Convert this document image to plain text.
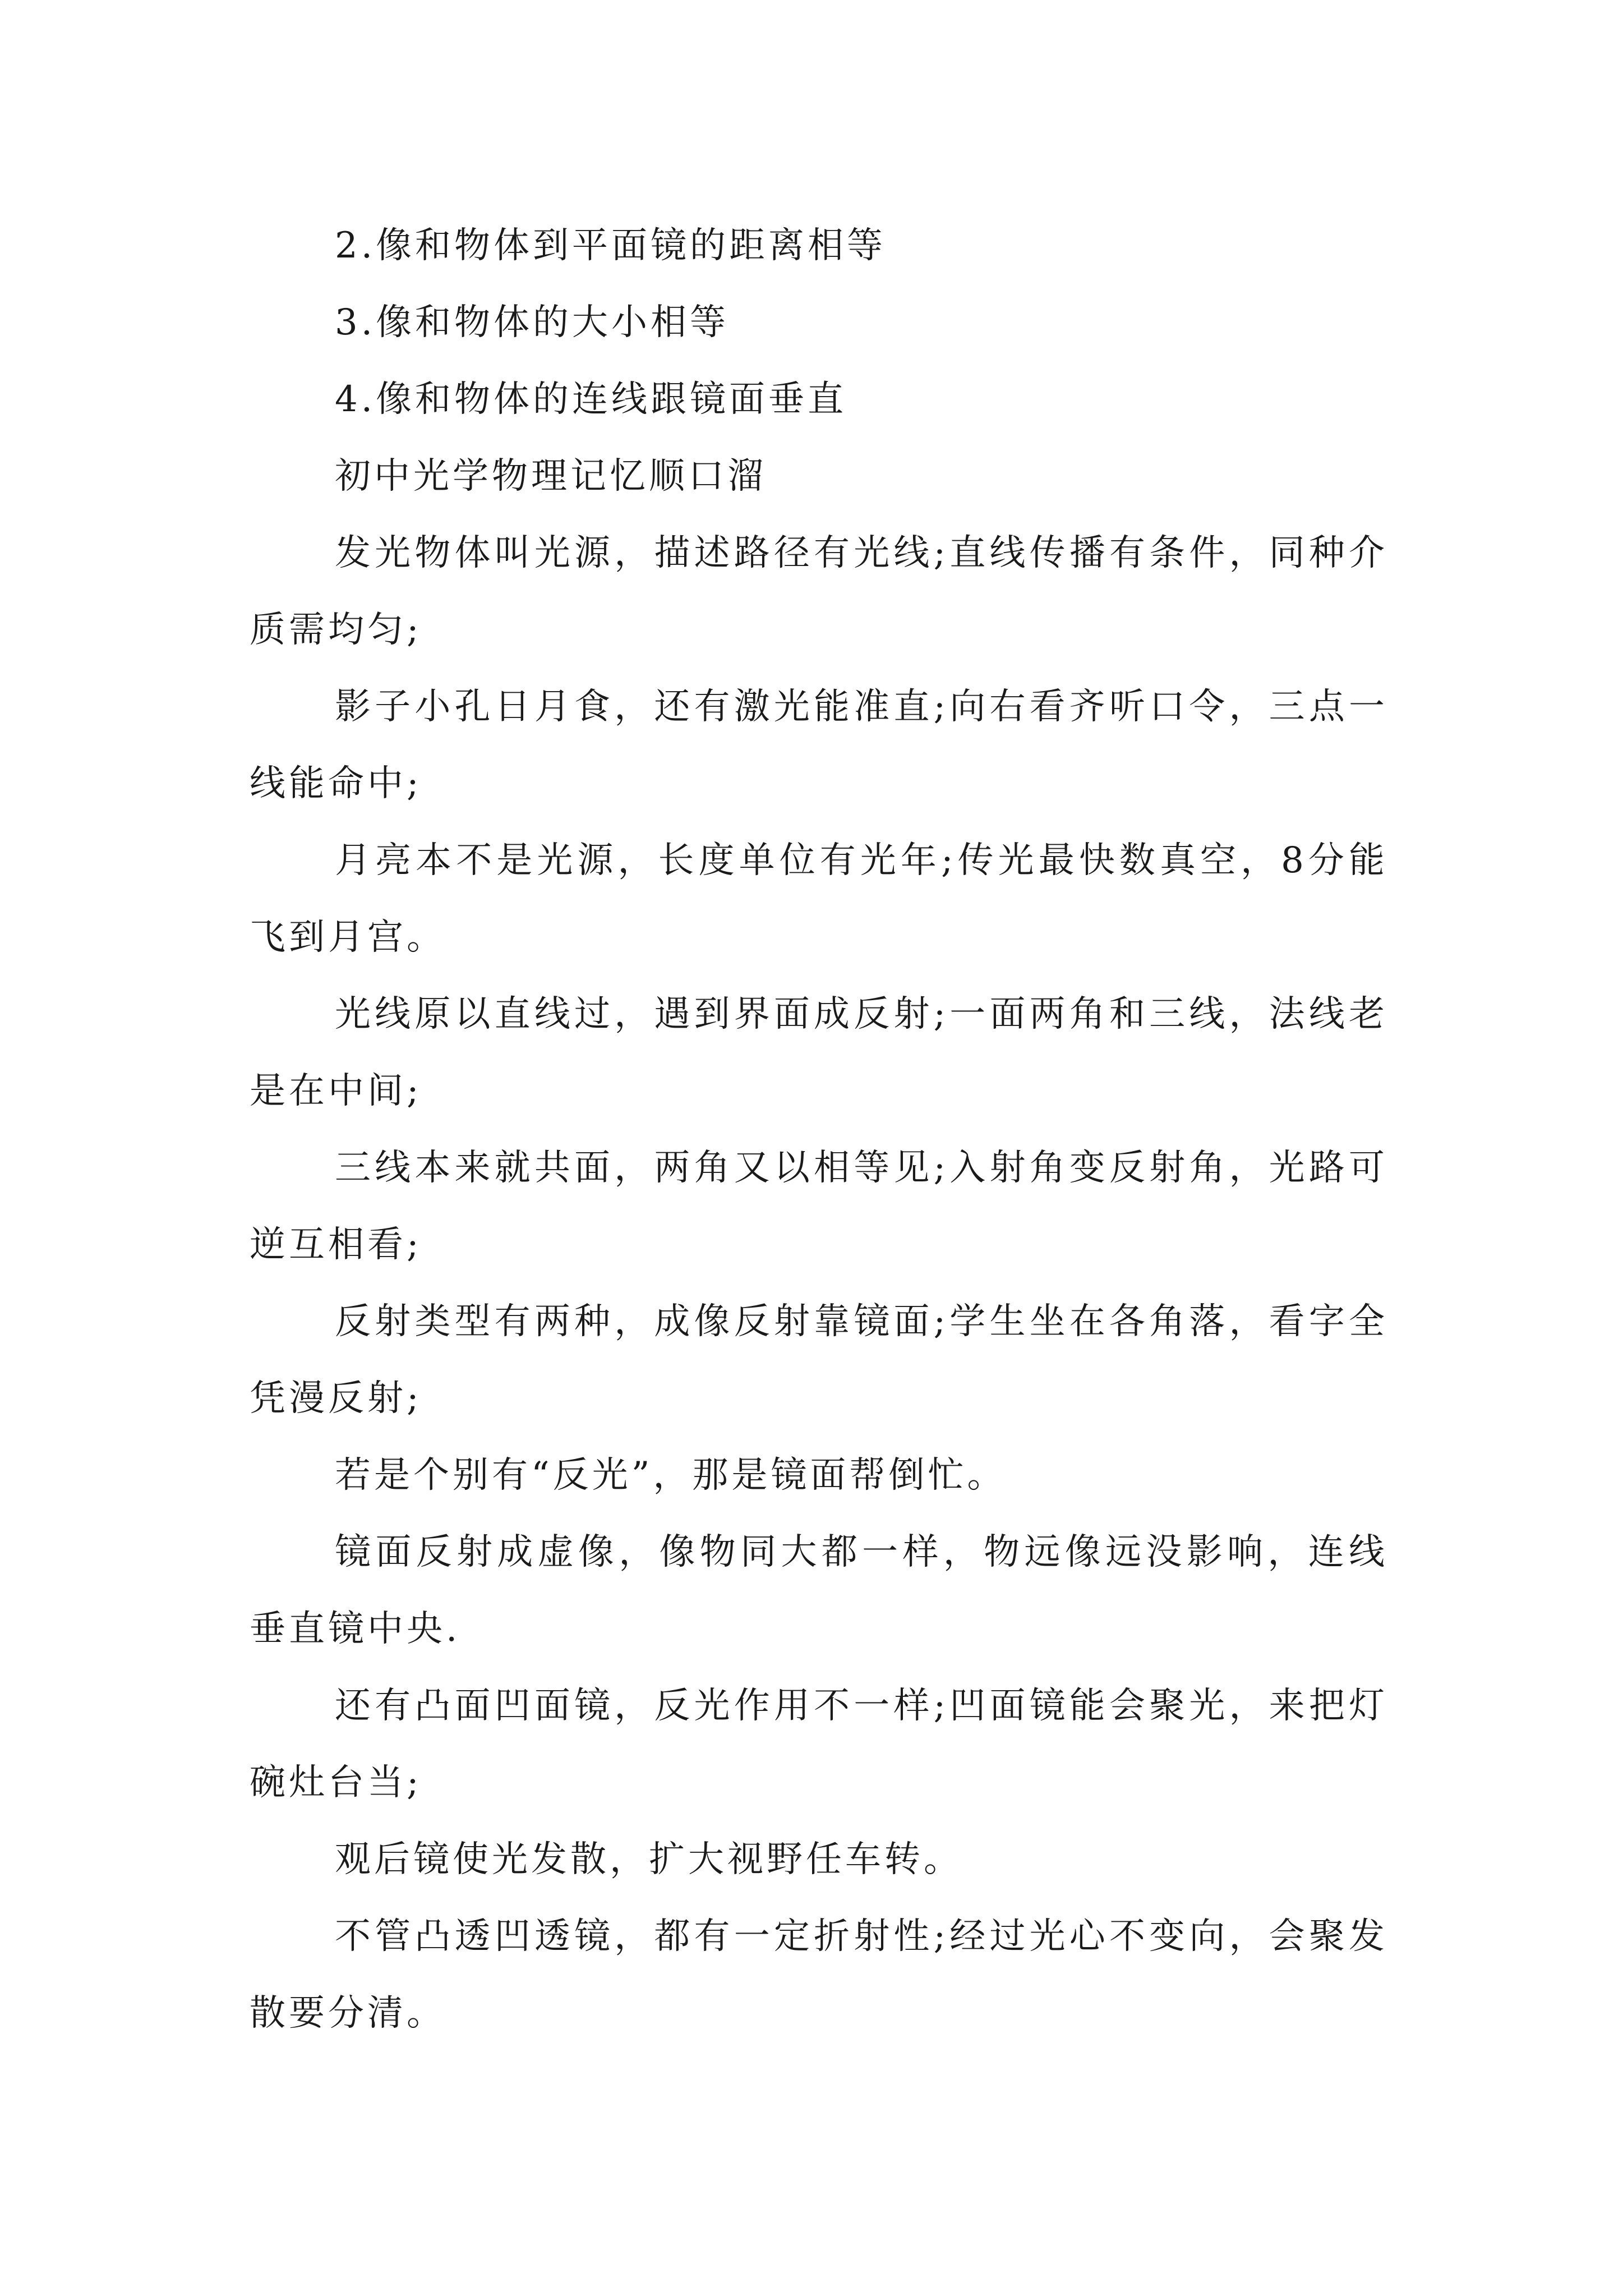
2.像和物体到平面镜的距离相等

3.像和物体的大小相等

4.像和物体的连线跟镜面垂直

初中光学物理记忆顺口溜

发光物体叫光源，描述路径有光线;直线传播有条件，同种介质需均匀;

影子小孔日月食，还有激光能准直;向右看齐听口令，三点一线能命中;

月亮本不是光源，长度单位有光年;传光最快数真空，8分能飞到月宫。

光线原以直线过，遇到界面成反射;一面两角和三线，法线老是在中间;

三线本来就共面，两角又以相等见;入射角变反射角，光路可逆互相看;

反射类型有两种，成像反射靠镜面;学生坐在各角落，看字全凭漫反射;

若是个别有“反光”，那是镜面帮倒忙。

镜面反射成虚像，像物同大都一样，物远像远没影响，连线垂直镜中央.

还有凸面凹面镜，反光作用不一样;凹面镜能会聚光，来把灯碗灶台当;

观后镜使光发散，扩大视野任车转。

不管凸透凹透镜，都有一定折射性;经过光心不变向，会聚发散要分清。
